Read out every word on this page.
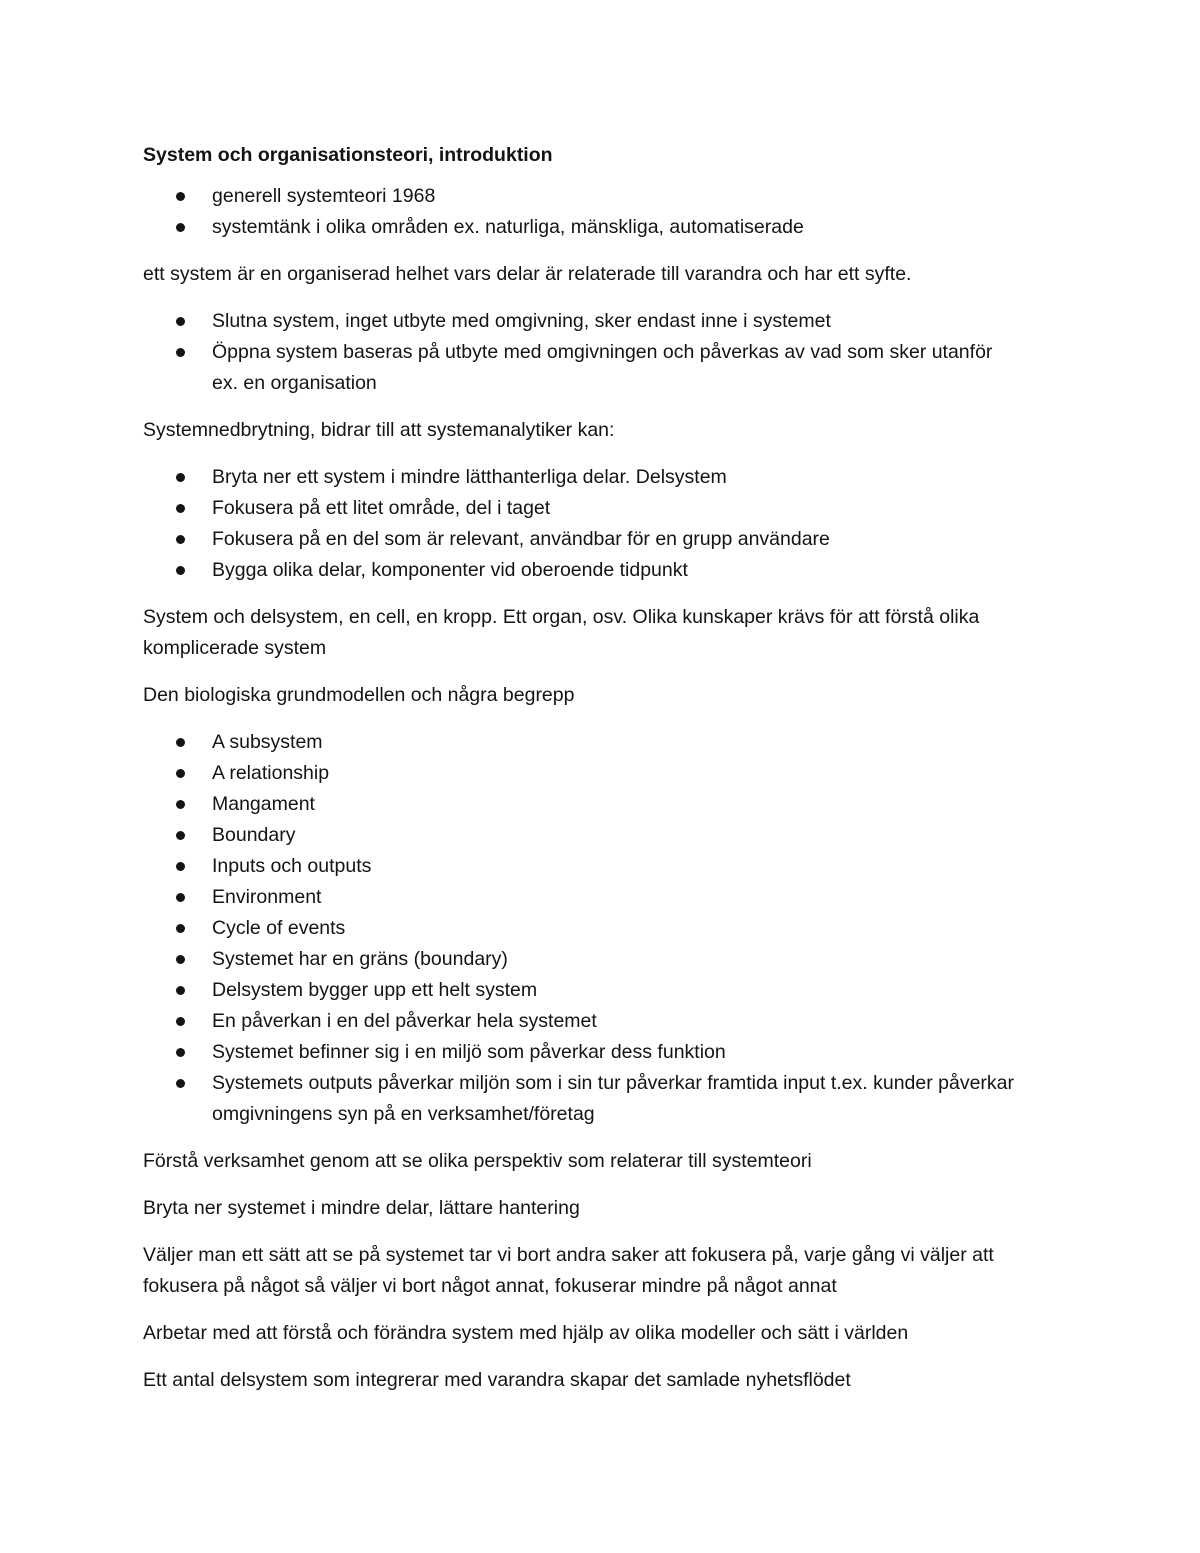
System och organisationsteori, introduktion
generell systemteori 1968
systemtänk i olika områden ex. naturliga, mänskliga, automatiserade

ett system är en organiserad helhet vars delar är relaterade till varandra och har ett syfte.

Slutna system, inget utbyte med omgivning, sker endast inne i systemet
Öppna system baseras på utbyte med omgivningen och påverkas av vad som sker utanför ex. en organisation

Systemnedbrytning, bidrar till att systemanalytiker kan:

Bryta ner ett system i mindre lätthanterliga delar. Delsystem
Fokusera på ett litet område, del i taget
Fokusera på en del som är relevant, användbar för en grupp användare
Bygga olika delar, komponenter vid oberoende tidpunkt

System och delsystem, en cell, en kropp. Ett organ, osv. Olika kunskaper krävs för att förstå olika komplicerade system

Den biologiska grundmodellen och några begrepp

A subsystem
A relationship
Mangament
Boundary
Inputs och outputs
Environment
Cycle of events
Systemet har en gräns (boundary)
Delsystem bygger upp ett helt system
En påverkan i en del påverkar hela systemet
Systemet befinner sig i en miljö som påverkar dess funktion
Systemets outputs påverkar miljön som i sin tur påverkar framtida input t.ex. kunder påverkar omgivningens syn på en verksamhet/företag

Förstå verksamhet genom att se olika perspektiv som relaterar till systemteori

Bryta ner systemet i mindre delar, lättare hantering

Väljer man ett sätt att se på systemet tar vi bort andra saker att fokusera på, varje gång vi väljer att fokusera på något så väljer vi bort något annat, fokuserar mindre på något annat

Arbetar med att förstå och förändra system med hjälp av olika modeller och sätt i världen

Ett antal delsystem som integrerar med varandra skapar det samlade nyhetsflödet
